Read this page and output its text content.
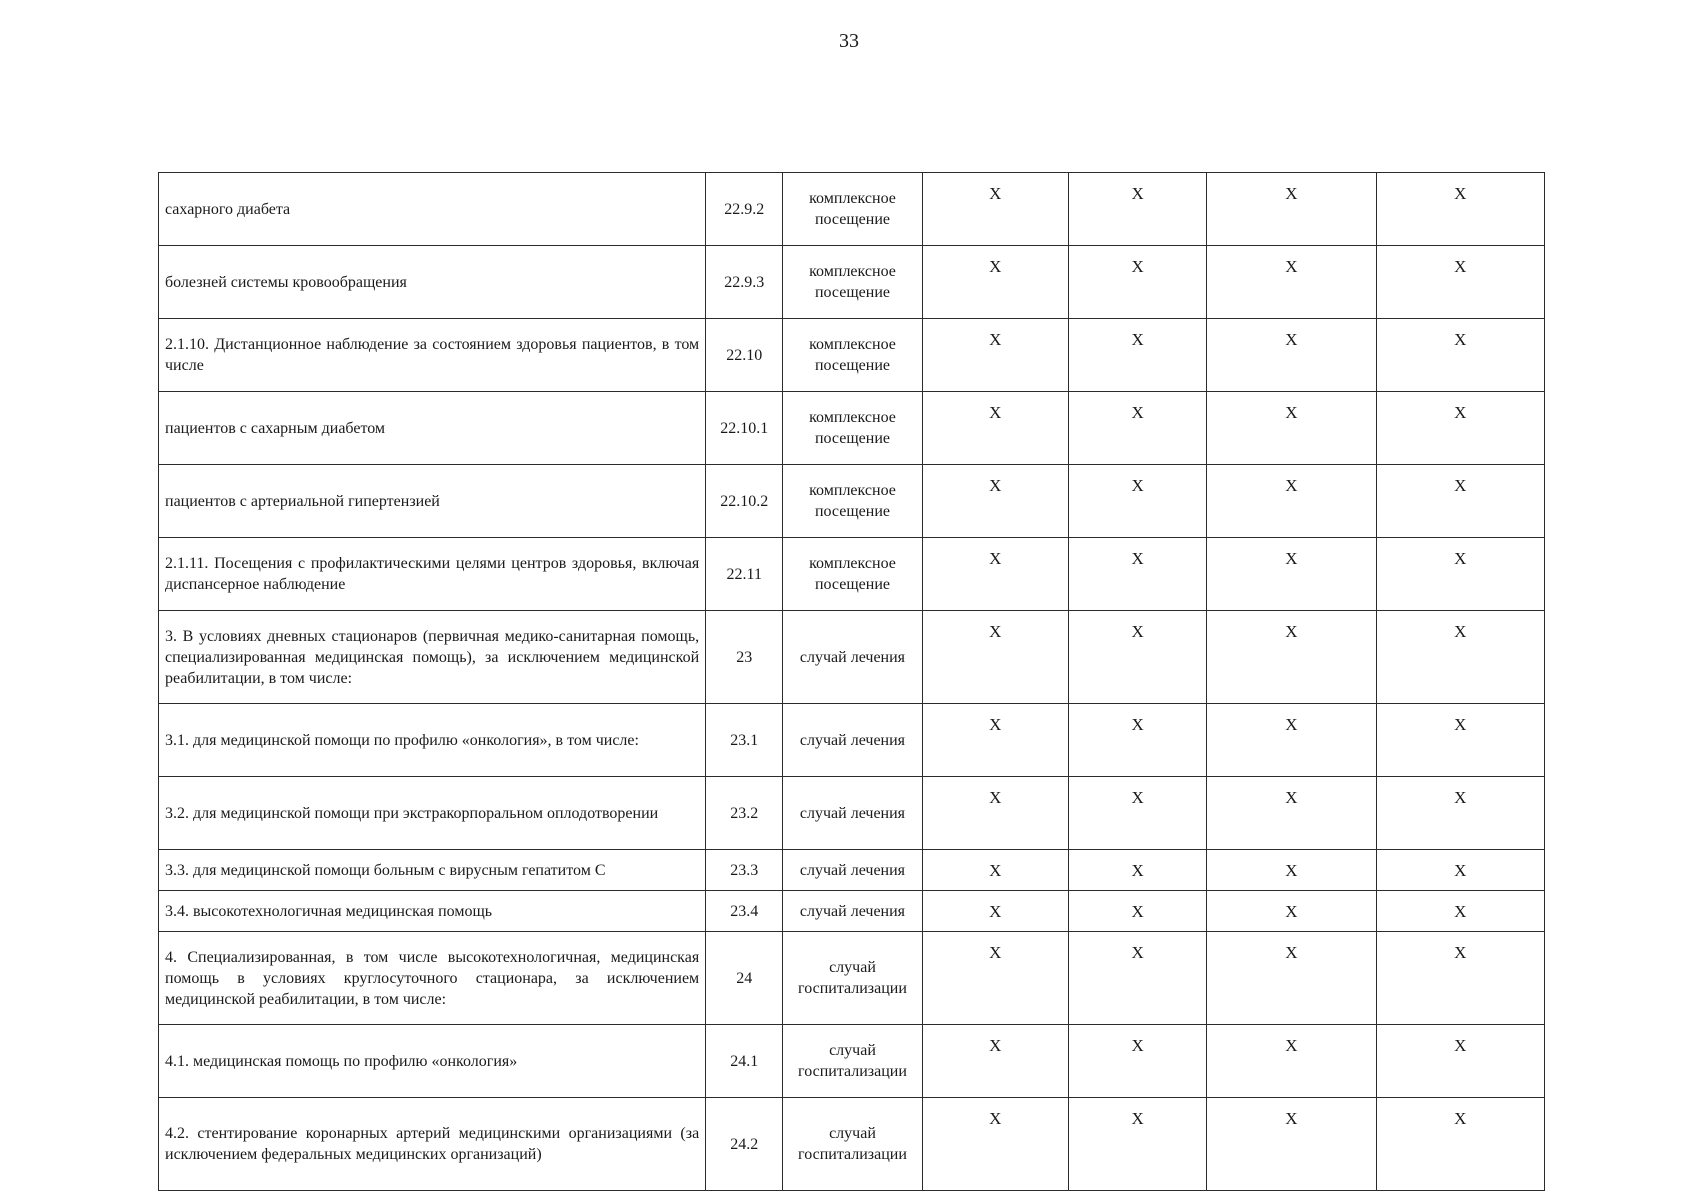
33
сахарного диабета	22.9.2	комплексное посещение	X	X	X	X
болезней системы кровообращения	22.9.3	комплексное посещение	X	X	X	X
2.1.10. Дистанционное наблюдение за состоянием здоровья пациентов, в том числе	22.10	комплексное посещение	X	X	X	X
пациентов с сахарным диабетом	22.10.1	комплексное посещение	X	X	X	X
пациентов с артериальной гипертензией	22.10.2	комплексное посещение	X	X	X	X
2.1.11. Посещения с профилактическими целями центров здоровья, включая диспансерное наблюдение	22.11	комплексное посещение	X	X	X	X
3. В условиях дневных стационаров (первичная медико-санитарная помощь, специализированная медицинская помощь), за исключением медицинской реабилитации, в том числе:	23	случай лечения	X	X	X	X
3.1. для медицинской помощи по профилю «онкология», в том числе:	23.1	случай лечения	X	X	X	X
3.2. для медицинской помощи при экстракорпоральном оплодотворении	23.2	случай лечения	X	X	X	X
3.3. для медицинской помощи больным с вирусным гепатитом С	23.3	случай лечения	X	X	X	X
3.4. высокотехнологичная медицинская помощь	23.4	случай лечения	X	X	X	X
4. Специализированная, в том числе высокотехнологичная, медицинская помощь в условиях круглосуточного стационара, за исключением медицинской реабилитации, в том числе:	24	случай госпитализации	X	X	X	X
4.1. медицинская помощь по профилю «онкология»	24.1	случай госпитализации	X	X	X	X
4.2. стентирование коронарных артерий медицинскими организациями (за исключением федеральных медицинских организаций)	24.2	случай госпитализации	X	X	X	X
